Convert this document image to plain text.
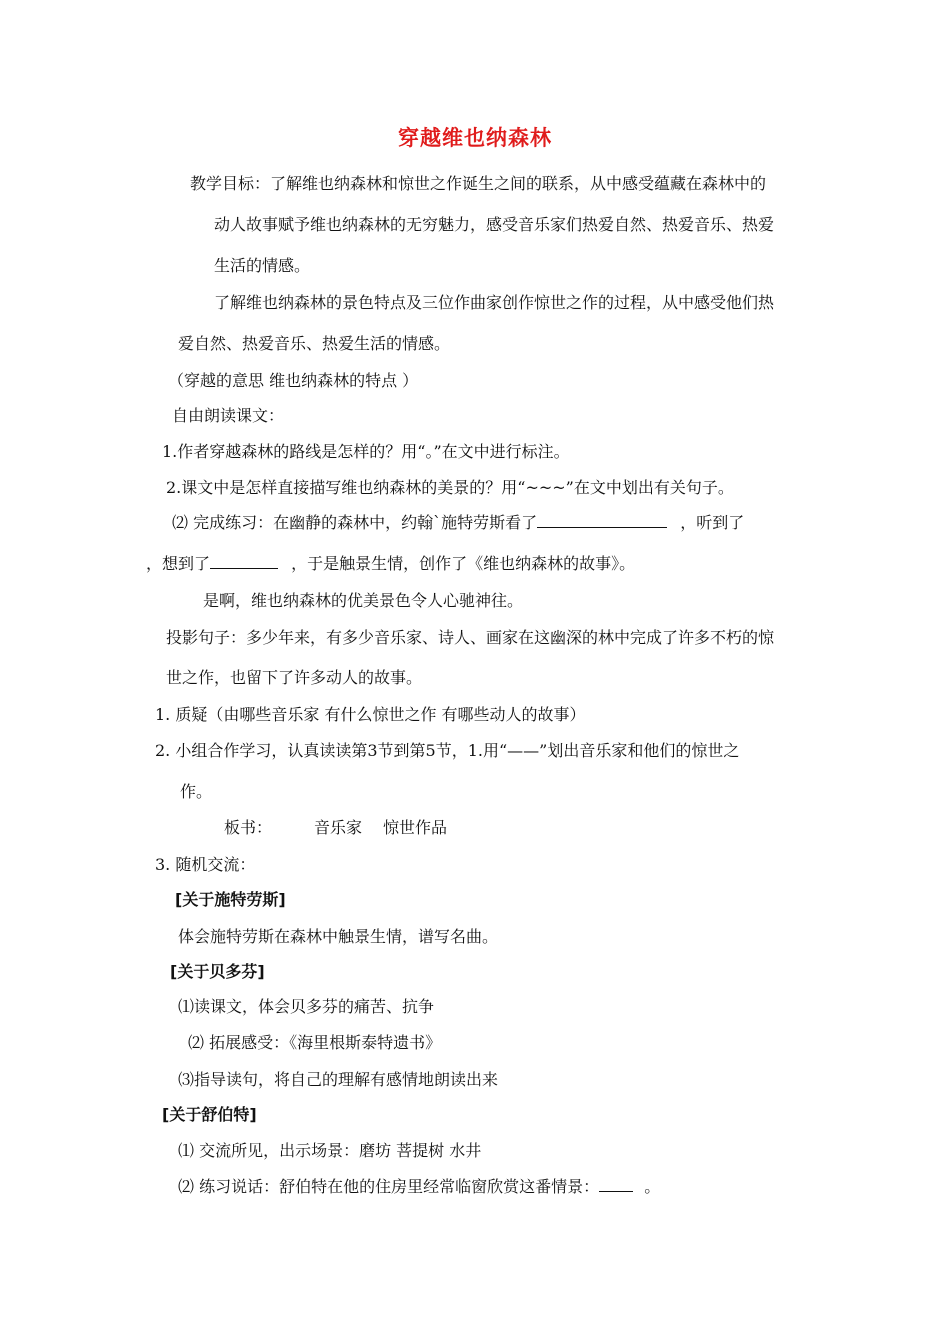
穿越维也纳森林
教学目标：了解维也纳森林和惊世之作诞生之间的联系，从中感受蕴藏在森林中的
动人故事赋予维也纳森林的无穷魅力，感受音乐家们热爱自然、热爱音乐、热爱
生活的情感。
了解维也纳森林的景色特点及三位作曲家创作惊世之作的过程，从中感受他们热
爱自然、热爱音乐、热爱生活的情感。
（穿越的意思 维也纳森林的特点 ）
自由朗读课文：
1.作者穿越森林的路线是怎样的？用“。”在文中进行标注。
2.课文中是怎样直接描写维也纳森林的美景的？用“~~~”在文中划出有关句子。
⑵ 完成练习：在幽静的森林中，约翰`施特劳斯看了	，听到了
，想到了	，于是触景生情，创作了《维也纳森林的故事》。
是啊，维也纳森林的优美景色令人心驰神往。
投影句子：多少年来，有多少音乐家、诗人、画家在这幽深的林中完成了许多不朽的惊
世之作，也留下了许多动人的故事。
1. 质疑（由哪些音乐家 有什么惊世之作 有哪些动人的故事）
2. 小组合作学习，认真读读第3节到第5节，1.用“——”划出音乐家和他们的惊世之
作。
板书：	音乐家 惊世作品
3. 随机交流：
[关于施特劳斯]
体会施特劳斯在森林中触景生情，谱写名曲。
[关于贝多芬]
⑴读课文，体会贝多芬的痛苦、抗争
⑵ 拓展感受：《海里根斯泰特遗书》
⑶指导读句，将自己的理解有感情地朗读出来
[关于舒伯特]
⑴ 交流所见，出示场景：磨坊 菩提树 水井
⑵ 练习说话：舒伯特在他的住房里经常临窗欣赏这番情景：	。
